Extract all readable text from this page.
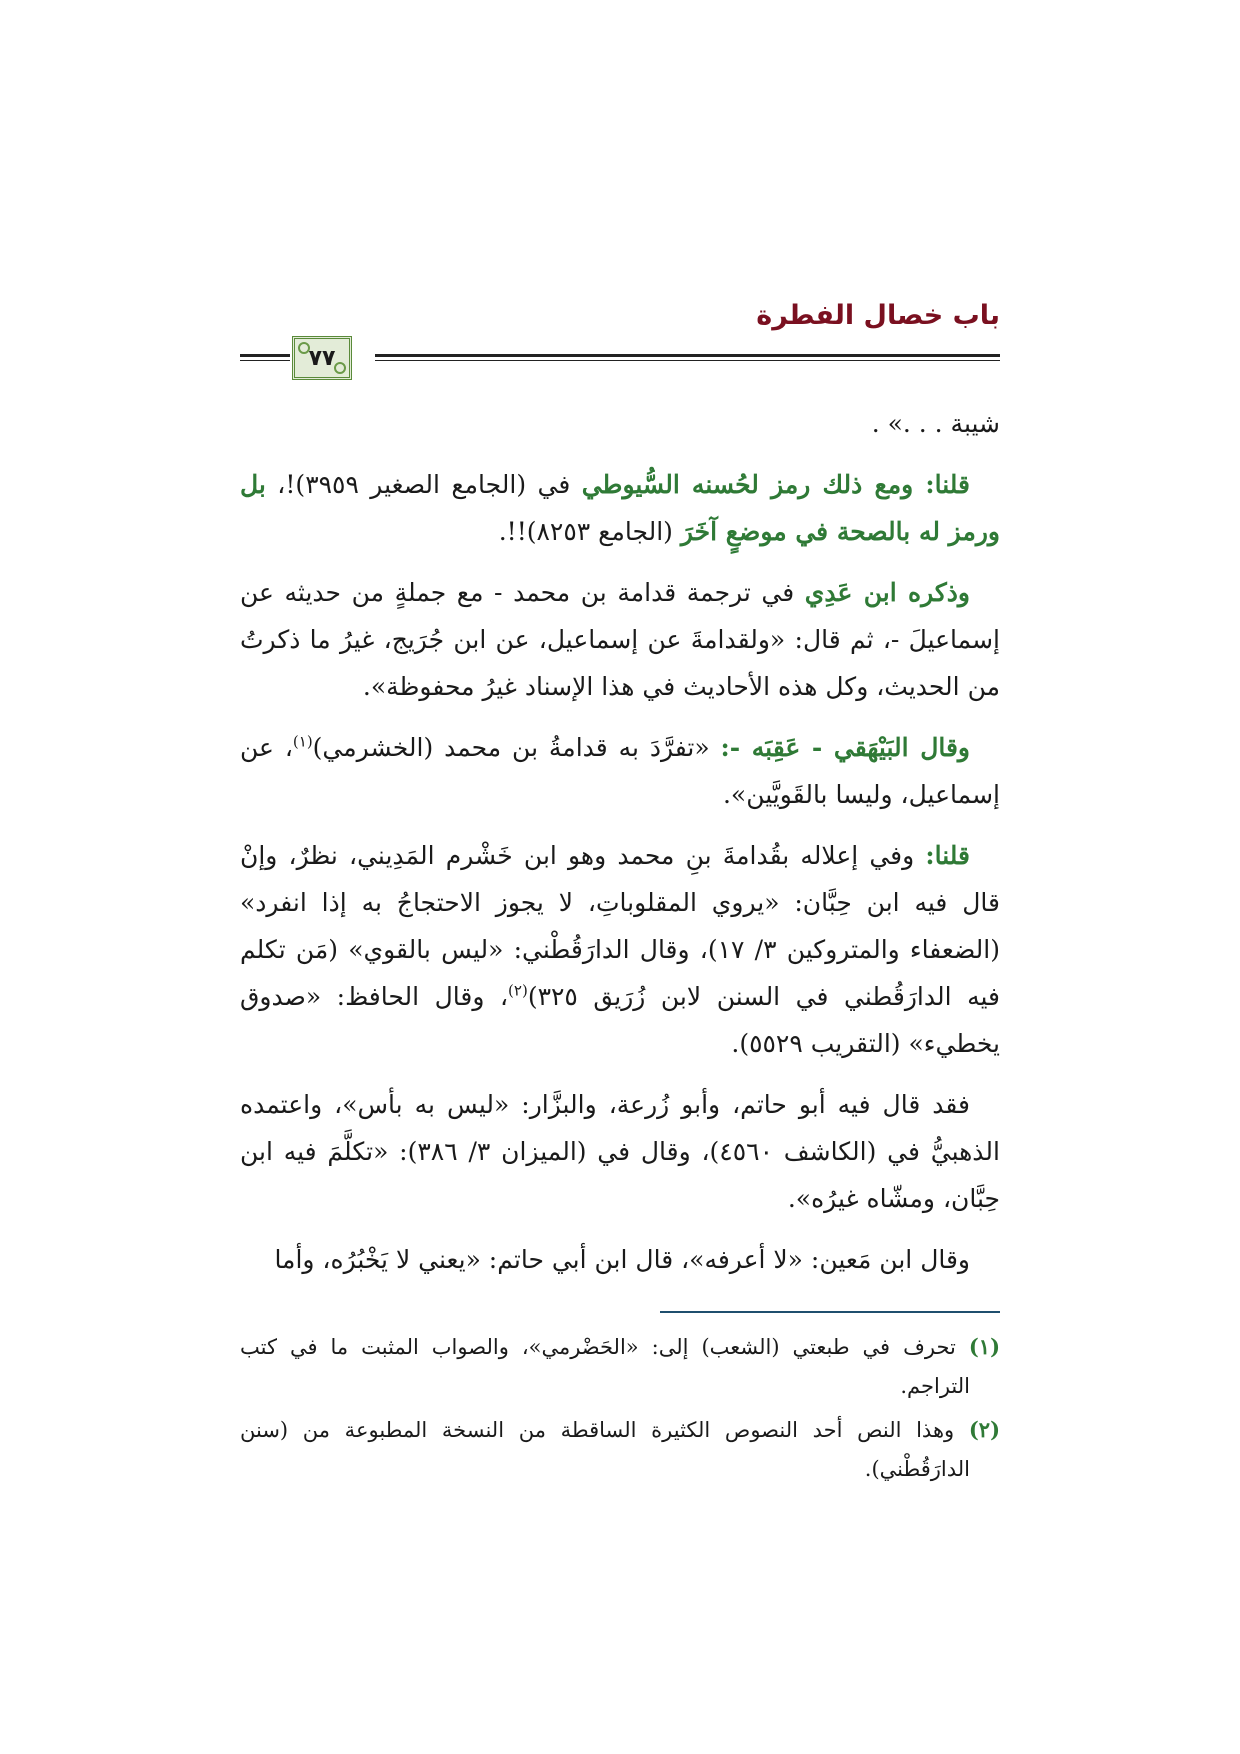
باب خصال الفطرة
٧٧

شيبة . . .» .

قلنا: ومع ذلك رمز لحُسنه السُّيوطي في (الجامع الصغير ٣٩٥٩)!، بل ورمز له بالصحة في موضعٍ آخَرَ (الجامع ٨٢٥٣)!!.

وذكره ابن عَدِي في ترجمة قدامة بن محمد - مع جملةٍ من حديثه عن إسماعيلَ -، ثم قال: «ولقدامةَ عن إسماعيل، عن ابن جُرَيج، غيرُ ما ذكرتُ من الحديث، وكل هذه الأحاديث في هذا الإسناد غيرُ محفوظة».

وقال البَيْهَقي - عَقِبَه -: «تفرَّدَ به قدامةُ بن محمد (الخشرمي)$^{(١)}$، عن إسماعيل، وليسا بالقَويَّين».

قلنا: وفي إعلاله بقُدامةَ بنِ محمد وهو ابن خَشْرم المَدِيني، نظرٌ، وإنْ قال فيه ابن حِبَّان: «يروي المقلوباتِ، لا يجوز الاحتجاجُ به إذا انفرد» (الضعفاء والمتروكين ٣/ ١٧)، وقال الدارَقُطْني: «ليس بالقوي» (مَن تكلم فيه الدارَقُطني في السنن لابن زُرَيق ٣٢٥)$^{(٢)}$، وقال الحافظ: «صدوق يخطيء» (التقريب ٥٥٢٩).

فقد قال فيه أبو حاتم، وأبو زُرعة، والبزَّار: «ليس به بأس»، واعتمده الذهبيُّ في (الكاشف ٤٥٦٠)، وقال في (الميزان ٣/ ٣٨٦): «تكلَّمَ فيه ابن حِبَّان، ومشّاه غيرُه».

وقال ابن مَعين: «لا أعرفه»، قال ابن أبي حاتم: «يعني لا يَخْبُرُه، وأما

(١) تحرف في طبعتي (الشعب) إلى: «الحَضْرمي»، والصواب المثبت ما في كتب التراجم.

(٢) وهذا النص أحد النصوص الكثيرة الساقطة من النسخة المطبوعة من (سنن الدارَقُطْني).
